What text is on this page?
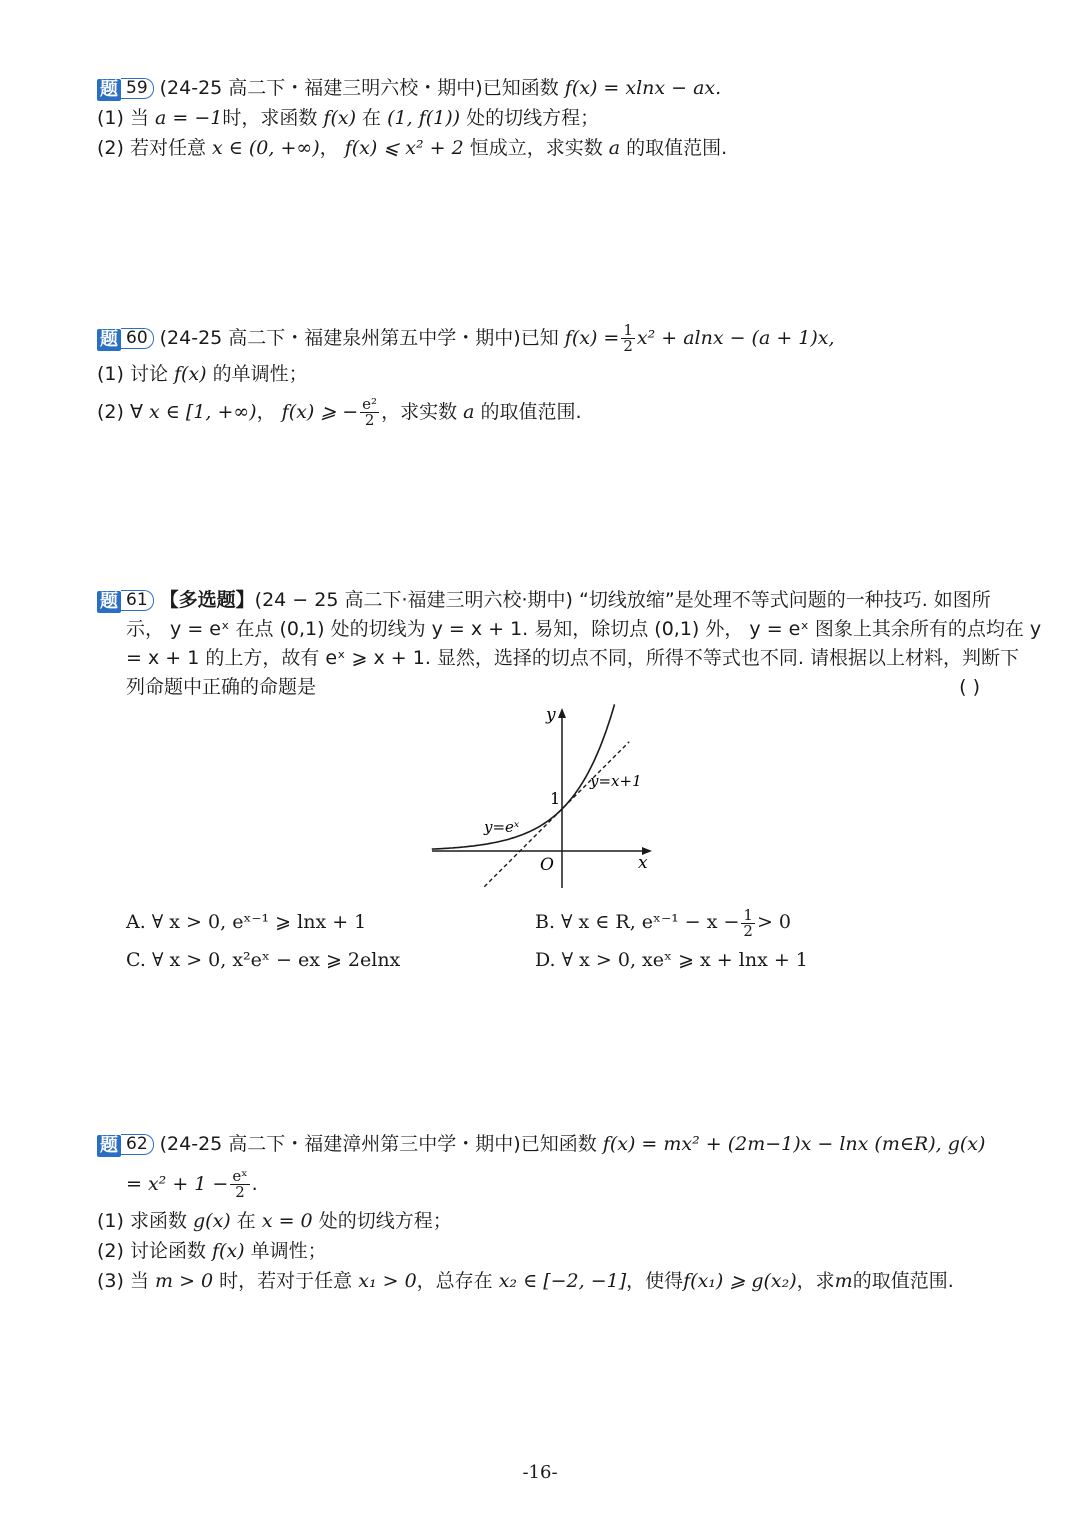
题 59 (24-25 高二下・福建三明六校・期中)已知函数 f(x) = xlnx − ax.
(1) 当 a = −1时，求函数 f(x) 在 (1, f(1)) 处的切线方程；
(2) 若对任意 x ∈ (0, +∞)， f(x) ⩽ x² + 2 恒成立，求实数 a 的取值范围.
题 60 (24-25 高二下・福建泉州第五中学・期中)已知 $f(x) = \frac{1}{2} x^2 + alnx - (a + 1)x$,
(1) 讨论 f(x) 的单调性；
(2) ∀ x ∈ [1, +∞)， f(x) ⩾ − $\frac{\text{e²}}{2}$ ，求实数 a 的取值范围.
题 61 【多选题】(24 − 25 高二下·福建三明六校·期中) “切线放缩”是处理不等式问题的一种技巧. 如图所
示， y = eˣ 在点 (0,1) 处的切线为 y = x + 1. 易知，除切点 (0,1) 外， y = eˣ 图象上其余所有的点均在 y
= x + 1 的上方，故有 eˣ ⩾ x + 1. 显然，选择的切点不同，所得不等式也不同. 请根据以上材料，判断下
列命题中正确的命题是	( )
y
x
O
1
y=eˣ
y=x+1
A. ∀ x > 0, eˣ⁻¹ ⩾ lnx + 1	B. ∀ x ∈ R, eˣ⁻¹ − $x - \frac{1}{2} > 0$
C. ∀ x > 0, x²eˣ − ex ⩾ 2elnx	D. ∀ x > 0, xeˣ ⩾ x + lnx + 1
题 62 (24-25 高二下・福建漳州第三中学・期中)已知函数 f(x) = mx² + (2m−1)x − lnx (m∈R), g(x)
= $x^2 + 1 - \frac{\text{eˣ}}{2}$ .
(1) 求函数 g(x) 在 x = 0 处的切线方程；
(2) 讨论函数 f(x) 单调性；
(3) 当 m > 0 时，若对于任意 x₁ > 0，总存在 x₂ ∈ [−2, −1]，使得f(x₁) ⩾ g(x₂)，求m的取值范围.
-16-
